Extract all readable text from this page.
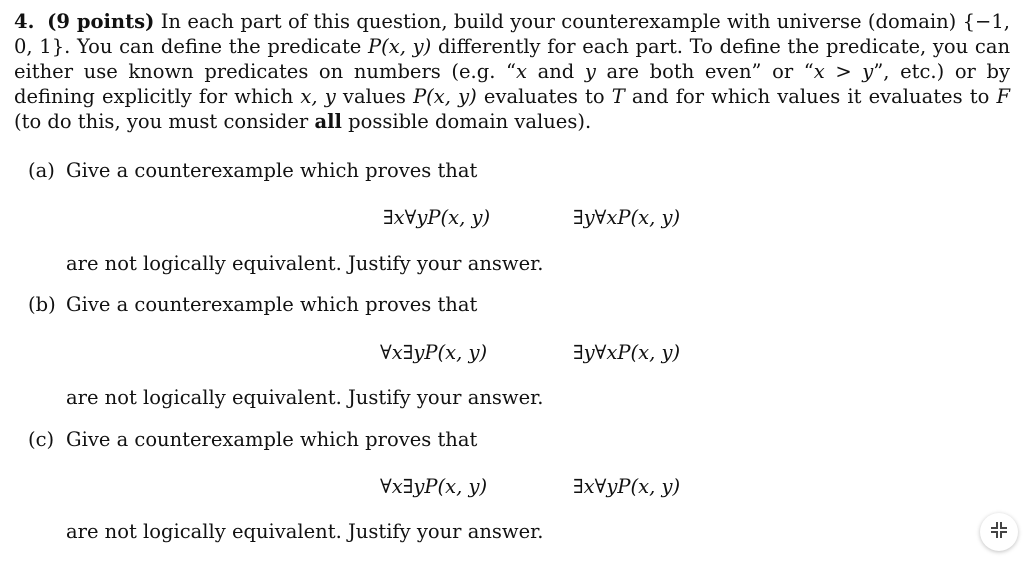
4. (9 points) In each part of this question, build your counterexample with universe (domain) {−1, 0, 1}. You can define the predicate P(x, y) differently for each part. To define the predicate, you can either use known predicates on numbers (e.g. “x and y are both even” or “x > y”, etc.) or by defining explicitly for which x, y values P(x, y) evaluates to T and for which values it evaluates to F (to do this, you must consider all possible domain values).
(a) Give a counterexample which proves that
∃x∀yP(x, y)	∃y∀xP(x, y)
are not logically equivalent. Justify your answer.
(b) Give a counterexample which proves that
∀x∃yP(x, y)	∃y∀xP(x, y)
are not logically equivalent. Justify your answer.
(c) Give a counterexample which proves that
∀x∃yP(x, y)	∃x∀yP(x, y)
are not logically equivalent. Justify your answer.
